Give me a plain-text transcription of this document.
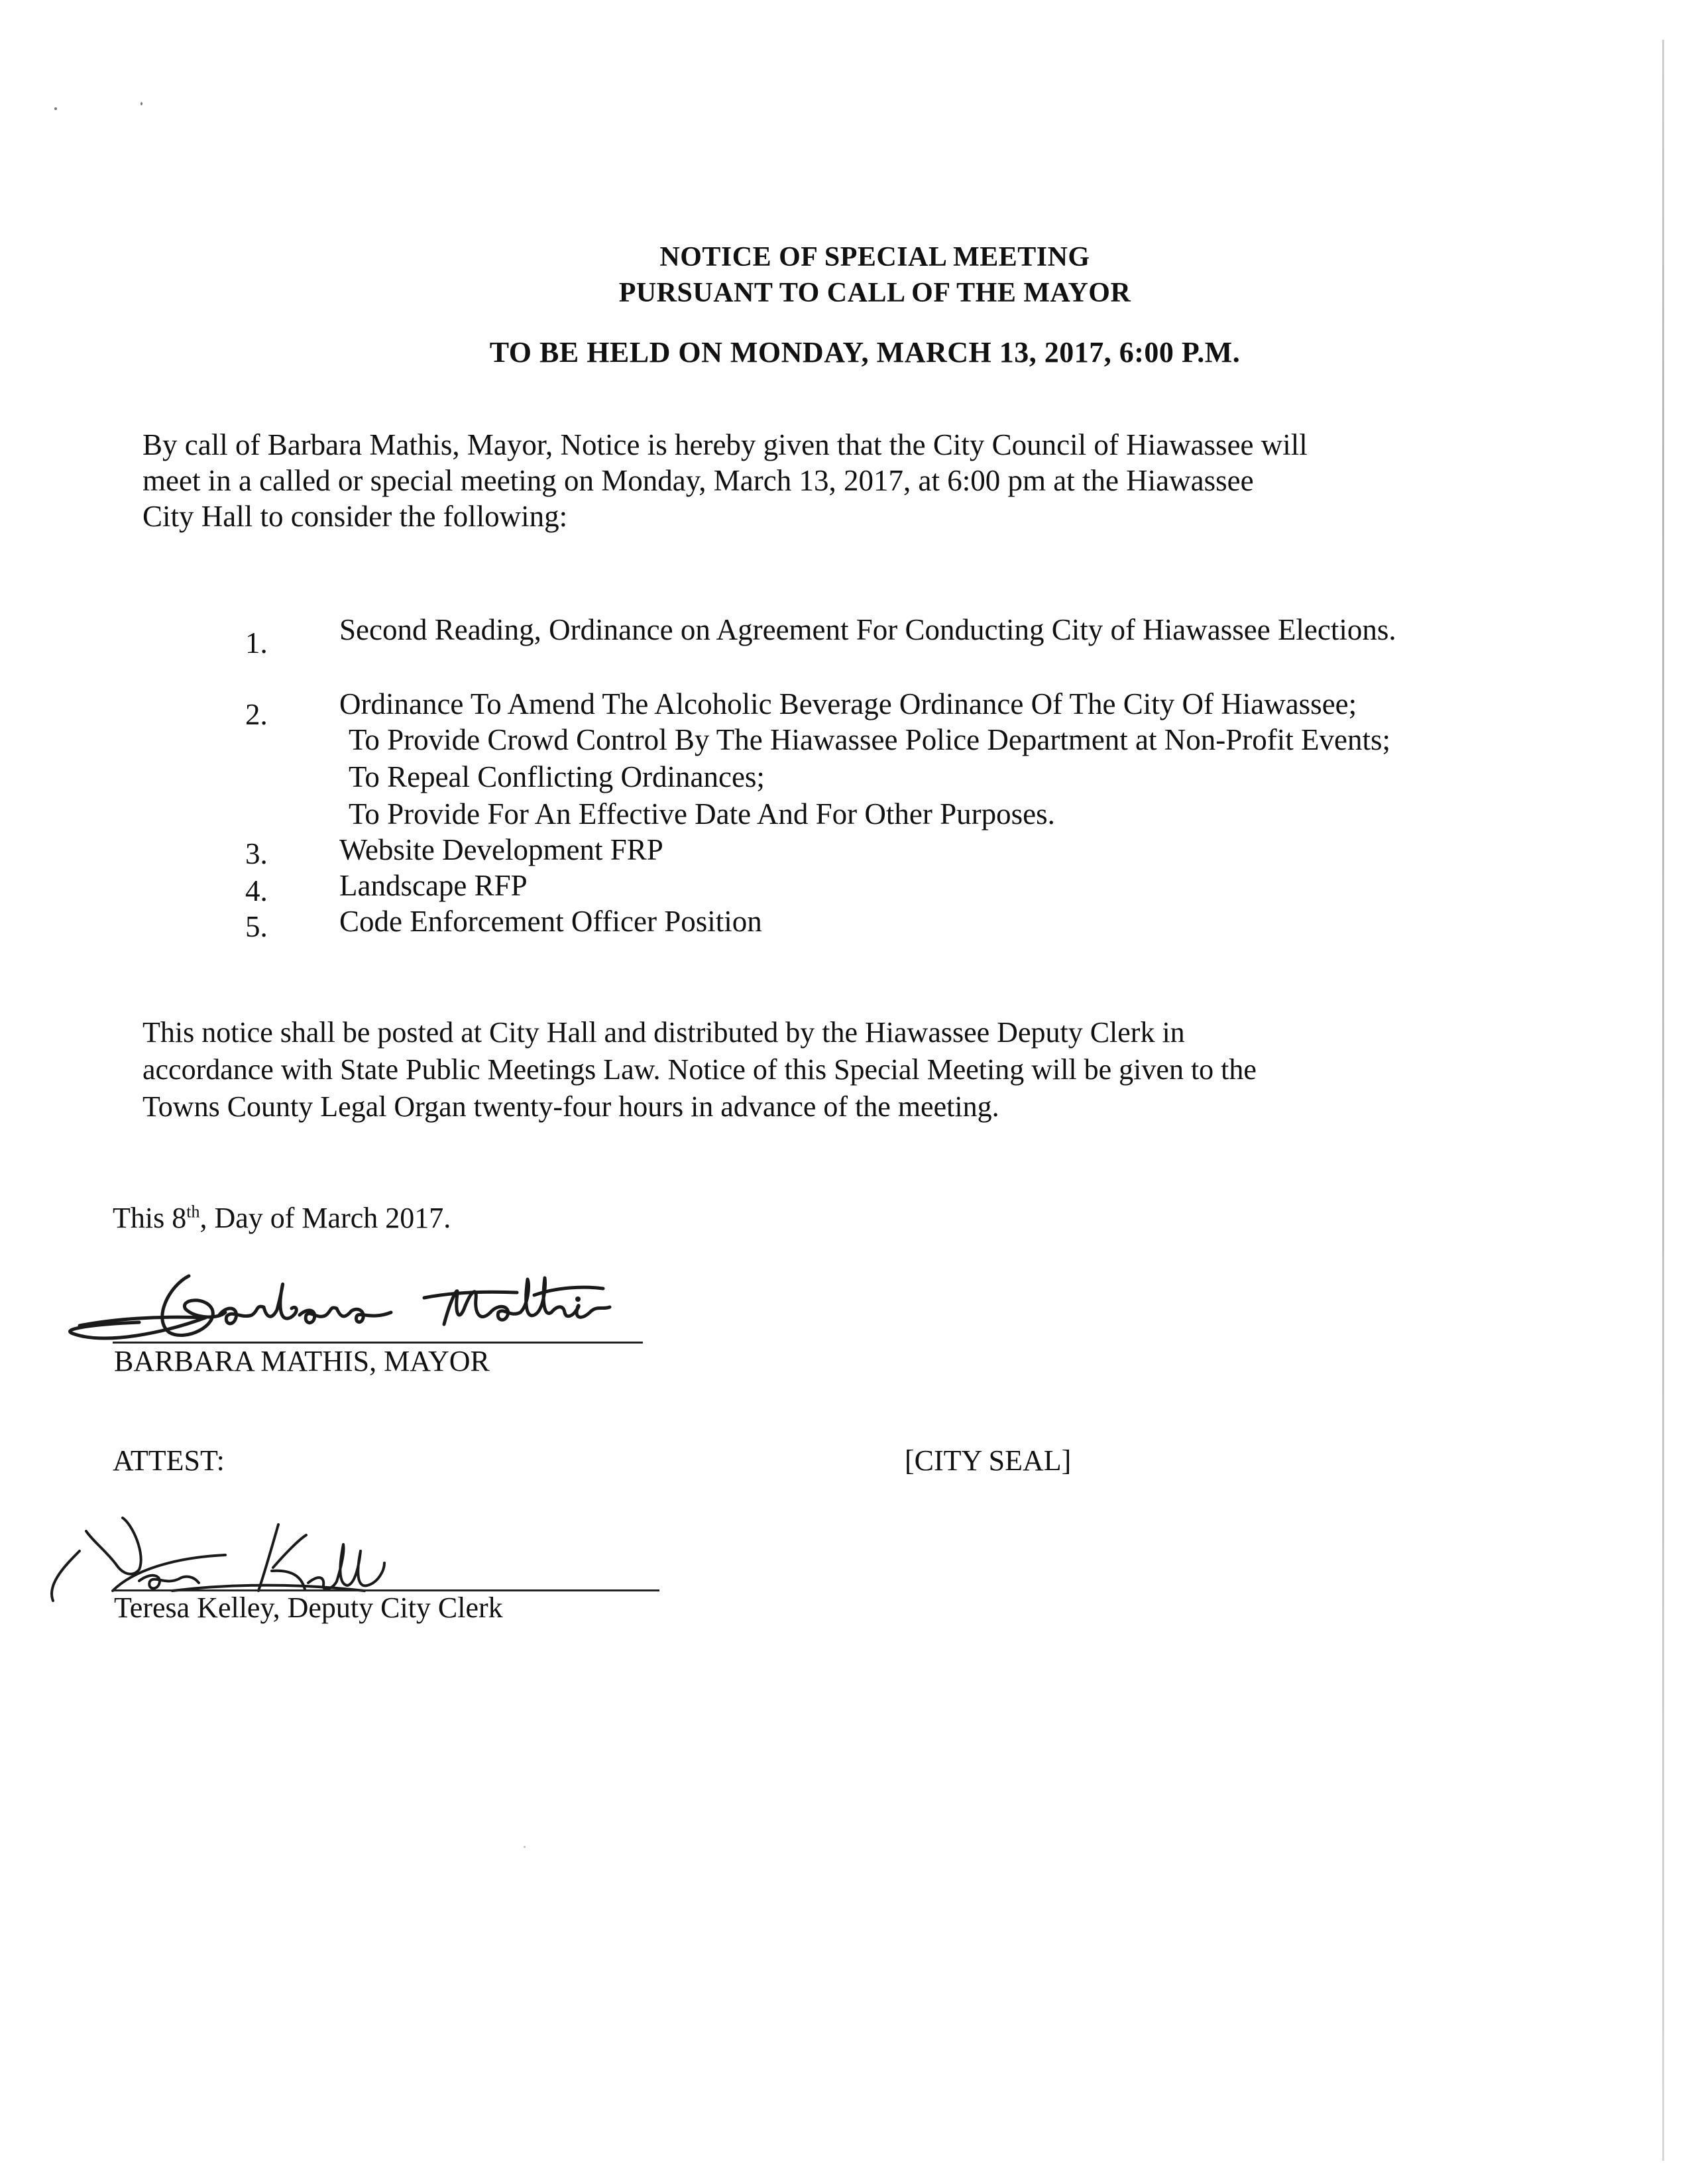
NOTICE OF SPECIAL MEETING
PURSUANT TO CALL OF THE MAYOR
TO BE HELD ON MONDAY, MARCH 13, 2017, 6:00 P.M.

By call of Barbara Mathis, Mayor, Notice is hereby given that the City Council of Hiawassee will

meet in a called or special meeting on Monday, March 13, 2017, at 6:00 pm at the Hiawassee

City Hall to consider the following:

1. Second Reading, Ordinance on Agreement For Conducting City of Hiawassee Elections.
2. Ordinance To Amend The Alcoholic Beverage Ordinance Of The City Of Hiawassee;
To Provide Crowd Control By The Hiawassee Police Department at Non-Profit Events;
To Repeal Conflicting Ordinances;
To Provide For An Effective Date And For Other Purposes.
3. Website Development FRP
4. Landscape RFP
5. Code Enforcement Officer Position

This notice shall be posted at City Hall and distributed by the Hiawassee Deputy Clerk in

accordance with State Public Meetings Law. Notice of this Special Meeting will be given to the

Towns County Legal Organ twenty-four hours in advance of the meeting.

This 8th, Day of March 2017.
BARBARA MATHIS, MAYOR
ATTEST:	[CITY SEAL]
Teresa Kelley, Deputy City Clerk
